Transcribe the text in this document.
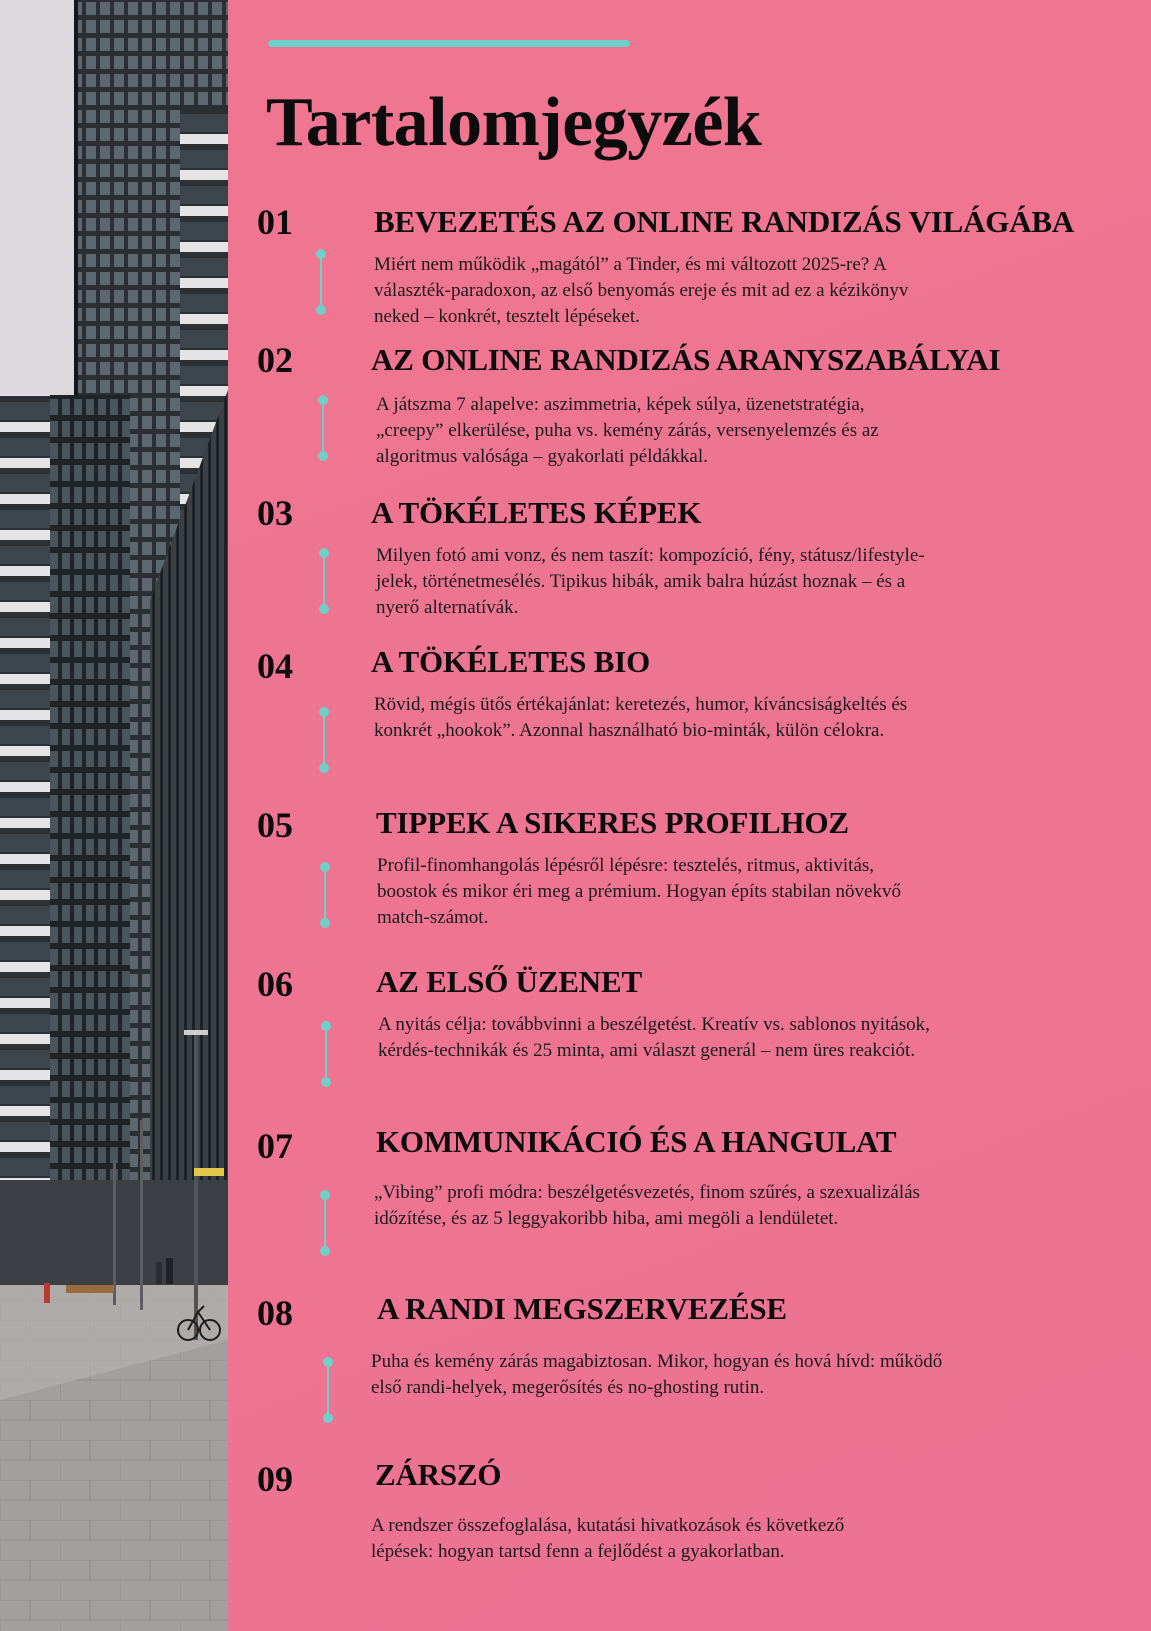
Tartalomjegyzék
01	BEVEZETÉS AZ ONLINE RANDIZÁS VILÁGÁBA

Miért nem működik „magától” a Tinder, és mi változott 2025-re? A választék-paradoxon, az első benyomás ereje és mit ad ez a kézikönyv neked – konkrét, tesztelt lépéseket.

02	AZ ONLINE RANDIZÁS ARANYSZABÁLYAI

A játszma 7 alapelve: aszimmetria, képek súlya, üzenetstratégia, „creepy” elkerülése, puha vs. kemény zárás, versenyelemzés és az algoritmus valósága – gyakorlati példákkal.

03	A TÖKÉLETES KÉPEK

Milyen fotó ami vonz, és nem taszít: kompozíció, fény, státusz/lifestyle-jelek, történetmesélés. Tipikus hibák, amik balra húzást hoznak – és a nyerő alternatívák.

04	A TÖKÉLETES BIO

Rövid, mégis ütős értékajánlat: keretezés, humor, kíváncsiságkeltés és konkrét „hookok”. Azonnal használható bio-minták, külön célokra.

05	TIPPEK A SIKERES PROFILHOZ

Profil-finomhangolás lépésről lépésre: tesztelés, ritmus, aktivitás, boostok és mikor éri meg a prémium. Hogyan építs stabilan növekvő match-számot.

06	AZ ELSŐ ÜZENET

A nyitás célja: továbbvinni a beszélgetést. Kreatív vs. sablonos nyitások, kérdés-technikák és 25 minta, ami választ generál – nem üres reakciót.

07	KOMMUNIKÁCIÓ ÉS A HANGULAT

„Vibing” profi módra: beszélgetésvezetés, finom szűrés, a szexualizálás időzítése, és az 5 leggyakoribb hiba, ami megöli a lendületet.

08	A RANDI MEGSZERVEZÉSE

Puha és kemény zárás magabiztosan. Mikor, hogyan és hová hívd: működő első randi-helyek, megerősítés és no-ghosting rutin.

09	ZÁRSZÓ

A rendszer összefoglalása, kutatási hivatkozások és következő lépések: hogyan tartsd fenn a fejlődést a gyakorlatban.
